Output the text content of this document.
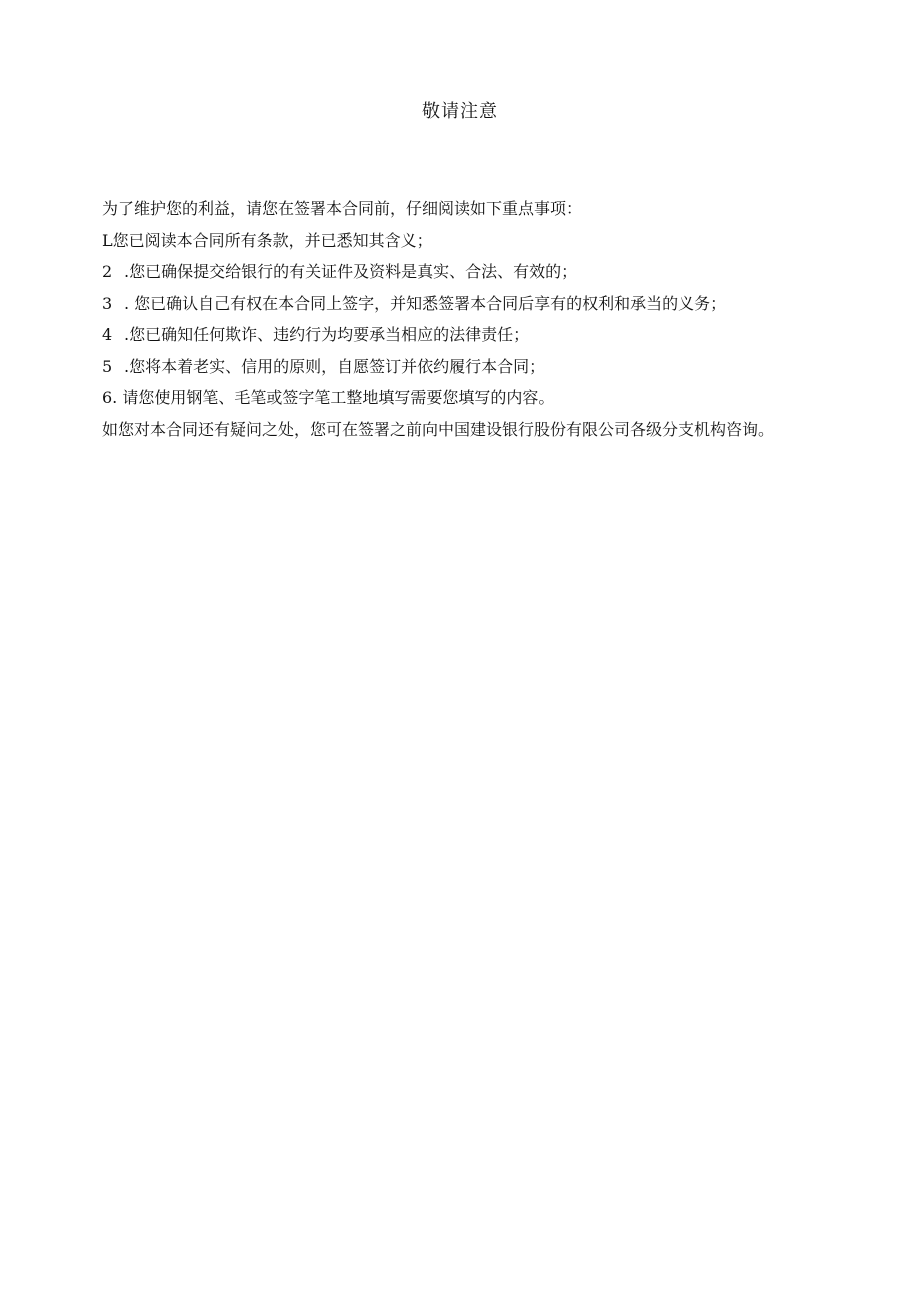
敬请注意

为了维护您的利益，请您在签署本合同前，仔细阅读如下重点事项：

L您已阅读本合同所有条款，并已悉知其含义；

2 .您已确保提交给银行的有关证件及资料是真实、合法、有效的；

3 . 您已确认自己有权在本合同上签字，并知悉签署本合同后享有的权利和承当的义务；

4 .您已确知任何欺诈、违约行为均要承当相应的法律责任；

5 .您将本着老实、信用的原则，自愿签订并依约履行本合同；

6. 请您使用钢笔、毛笔或签字笔工整地填写需要您填写的内容。

如您对本合同还有疑问之处，您可在签署之前向中国建设银行股份有限公司各级分支机构咨询。
